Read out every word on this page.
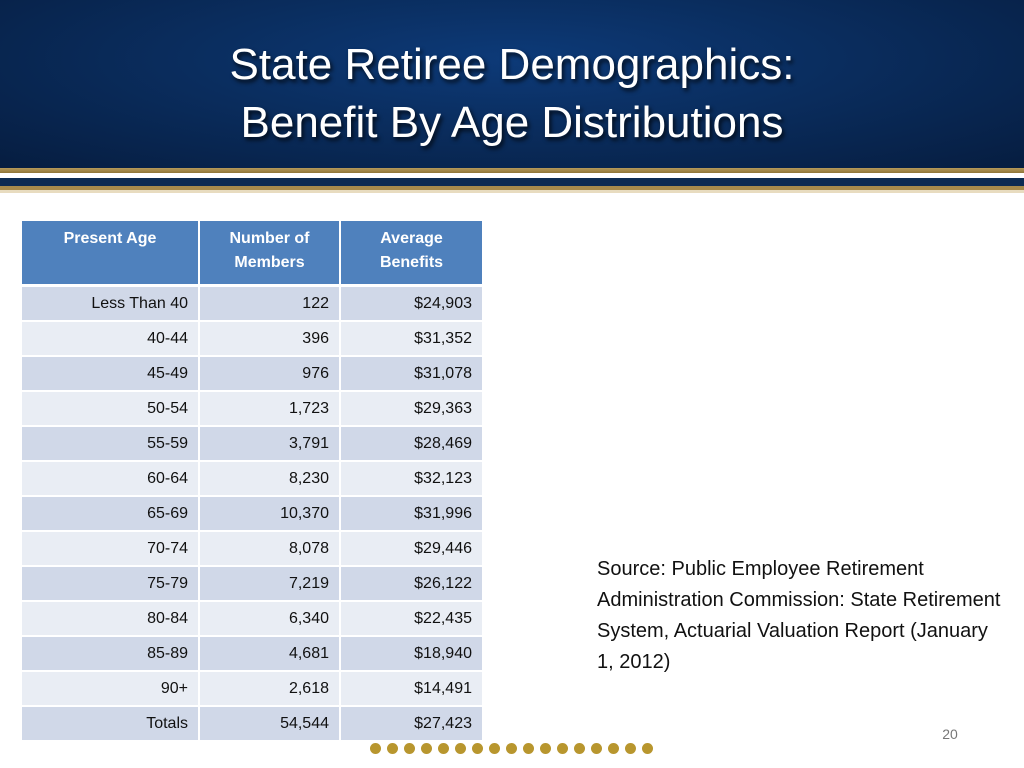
State Retiree Demographics:
Benefit By Age Distributions
Present Age	Number of Members	Average Benefits
Less Than 40	122	$24,903
40-44	396	$31,352
45-49	976	$31,078
50-54	1,723	$29,363
55-59	3,791	$28,469
60-64	8,230	$32,123
65-69	10,370	$31,996
70-74	8,078	$29,446
75-79	7,219	$26,122
80-84	6,340	$22,435
85-89	4,681	$18,940
90+	2,618	$14,491
Totals	54,544	$27,423
Source: Public Employee Retirement Administration Commission: State Retirement System, Actuarial Valuation Report (January 1, 2012)
20
